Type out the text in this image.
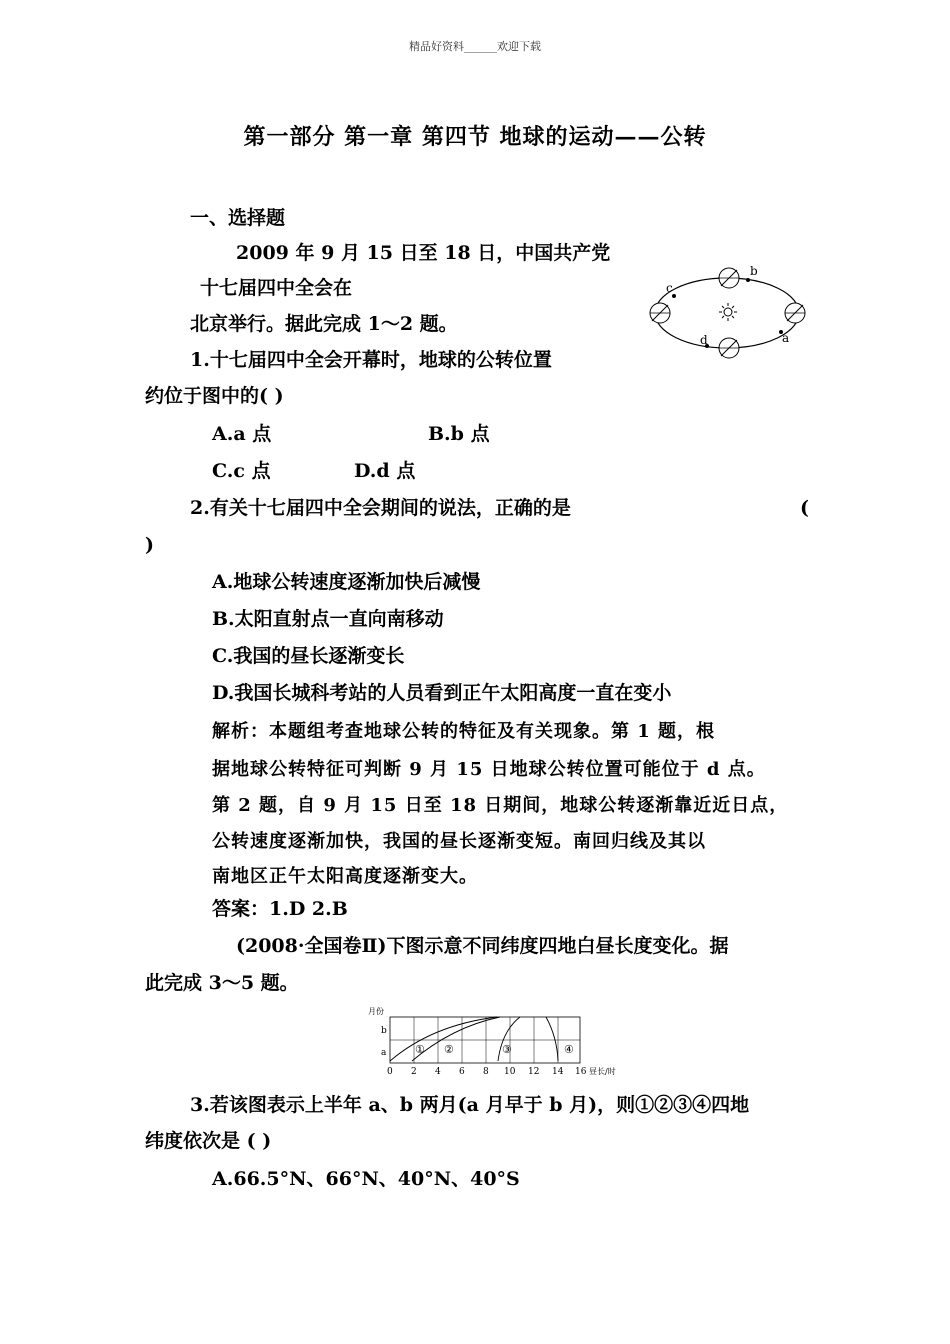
精品好资料______欢迎下载
第一部分 第一章 第四节 地球的运动——公转
一、选择题
2009 年 9 月 15 日至 18 日，中国共产党
十七届四中全会在
北京举行。据此完成 1～2 题。
b
c
d	a
1.十七届四中全会开幕时，地球的公转位置
约位于图中的( )
A.a 点	B.b 点
C.c 点	D.d 点
2.有关十七届四中全会期间的说法，正确的是	(
)
A.地球公转速度逐渐加快后减慢
B.太阳直射点一直向南移动
C.我国的昼长逐渐变长
D.我国长城科考站的人员看到正午太阳高度一直在变小
解析：本题组考查地球公转的特征及有关现象。第 1 题，根
据地球公转特征可判断 9 月 15 日地球公转位置可能位于 d 点。
第 2 题，自 9 月 15 日至 18 日期间，地球公转逐渐靠近近日点，
公转速度逐渐加快，我国的昼长逐渐变短。南回归线及其以
南地区正午太阳高度逐渐变大。
答案：1.D 2.B
(2008·全国卷Ⅱ)下图示意不同纬度四地白昼长度变化。据
此完成 3～5 题。
月份
b
a	① ②	③	④
0 2 4 6 8 10 12 14 16 昼长/时
3.若该图表示上半年 a、b 两月(a 月早于 b 月)，则①②③④四地
纬度依次是 ( )
A.66.5°N、66°N、40°N、40°S
